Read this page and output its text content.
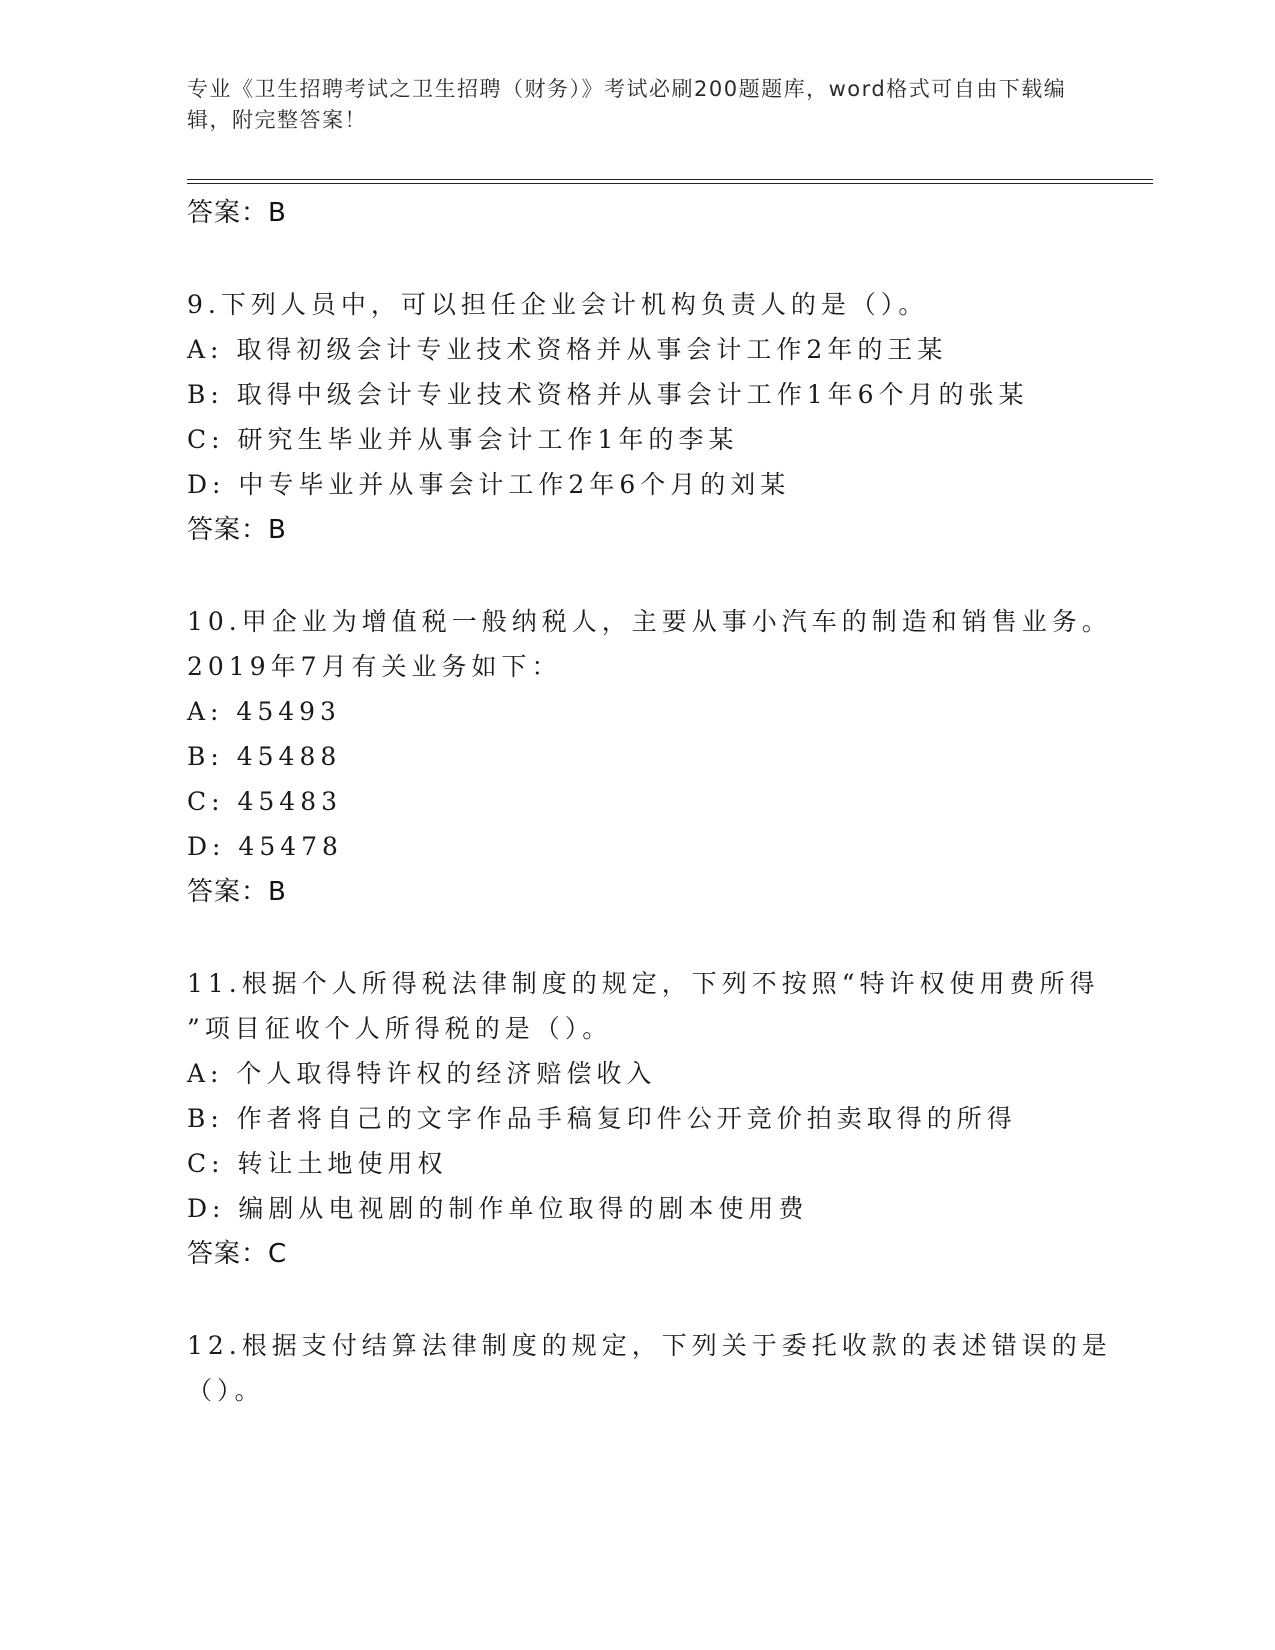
专业《卫生招聘考试之卫生招聘（财务）》考试必刷200题题库，word格式可自由下载编辑，附完整答案！
答案：B
9.下列人员中，可以担任企业会计机构负责人的是（）。
A: 取得初级会计专业技术资格并从事会计工作2年的王某
B: 取得中级会计专业技术资格并从事会计工作1年6个月的张某
C: 研究生毕业并从事会计工作1年的李某
D: 中专毕业并从事会计工作2年6个月的刘某
答案：B
10.甲企业为增值税一般纳税人，主要从事小汽车的制造和销售业务。
2019年7月有关业务如下：
A: 45493
B: 45488
C: 45483
D: 45478
答案：B
11.根据个人所得税法律制度的规定，下列不按照“特许权使用费所得
”项目征收个人所得税的是（）。
A: 个人取得特许权的经济赔偿收入
B: 作者将自己的文字作品手稿复印件公开竞价拍卖取得的所得
C: 转让土地使用权
D: 编剧从电视剧的制作单位取得的剧本使用费
答案：C
12.根据支付结算法律制度的规定，下列关于委托收款的表述错误的是
（）。
